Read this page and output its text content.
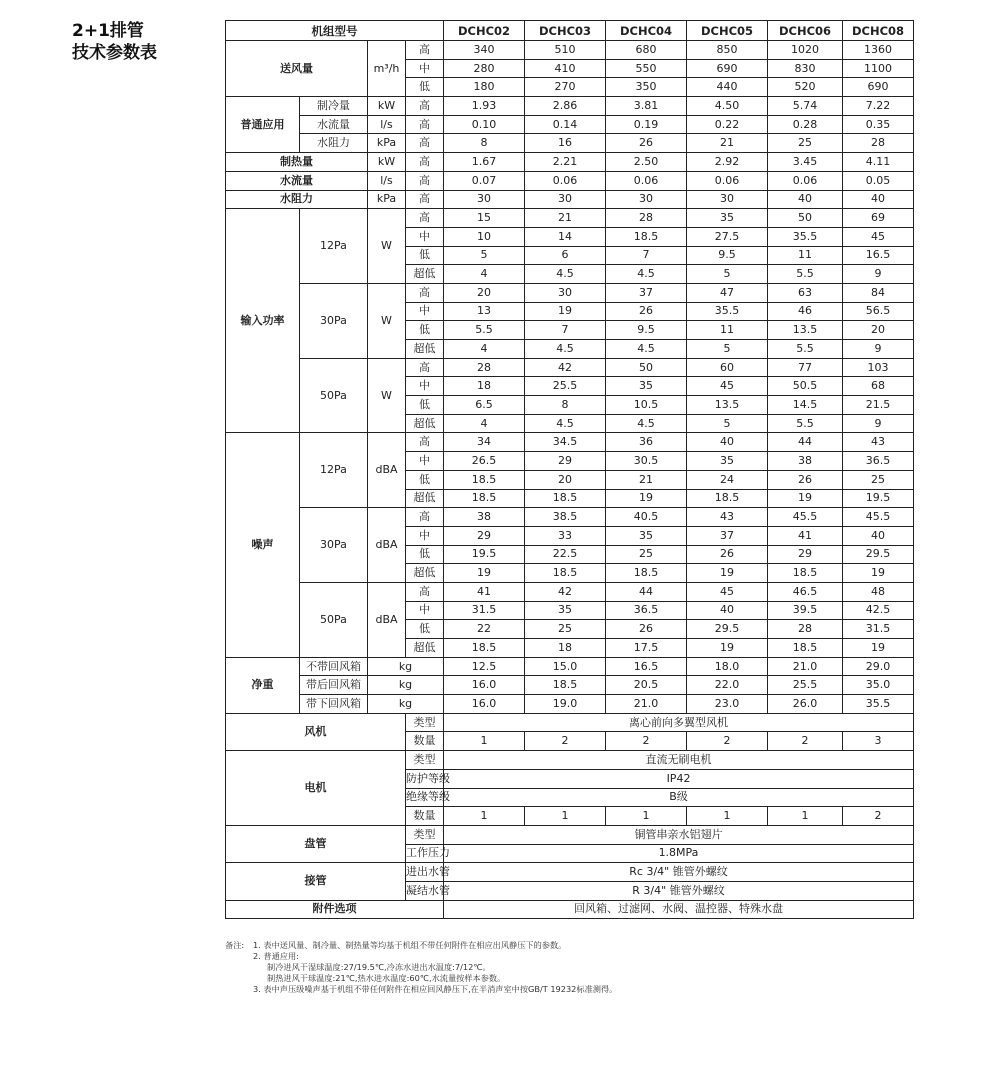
2+1排管
技术参数表
机组型号				DCHC02	DCHC03	DCHC04	DCHC05	DCHC06	DCHC08
送风量		m³/h	高	340	510	680	850	1020	1360
			中	280	410	550	690	830	1100
			低	180	270	350	440	520	690
普通应用	制冷量	kW	高	1.93	2.86	3.81	4.50	5.74	7.22
	水流量	l/s	高	0.10	0.14	0.19	0.22	0.28	0.35
	水阻力	kPa	高	8	16	26	21	25	28
制热量		kW	高	1.67	2.21	2.50	2.92	3.45	4.11
水流量		l/s	高	0.07	0.06	0.06	0.06	0.06	0.05
水阻力		kPa	高	30	30	30	30	40	40
输入功率	12Pa	W	高	15	21	28	35	50	69
			中	10	14	18.5	27.5	35.5	45
			低	5	6	7	9.5	11	16.5
			超低	4	4.5	4.5	5	5.5	9
	30Pa	W	高	20	30	37	47	63	84
			中	13	19	26	35.5	46	56.5
			低	5.5	7	9.5	11	13.5	20
			超低	4	4.5	4.5	5	5.5	9
	50Pa	W	高	28	42	50	60	77	103
			中	18	25.5	35	45	50.5	68
			低	6.5	8	10.5	13.5	14.5	21.5
			超低	4	4.5	4.5	5	5.5	9
噪声	12Pa	dBA	高	34	34.5	36	40	44	43
			中	26.5	29	30.5	35	38	36.5
			低	18.5	20	21	24	26	25
			超低	18.5	18.5	19	18.5	19	19.5
	30Pa	dBA	高	38	38.5	40.5	43	45.5	45.5
			中	29	33	35	37	41	40
			低	19.5	22.5	25	26	29	29.5
			超低	19	18.5	18.5	19	18.5	19
	50Pa	dBA	高	41	42	44	45	46.5	48
			中	31.5	35	36.5	40	39.5	42.5
			低	22	25	26	29.5	28	31.5
			超低	18.5	18	17.5	19	18.5	19
净重	不带回风箱	kg		12.5	15.0	16.5	18.0	21.0	29.0
	带后回风箱	kg		16.0	18.5	20.5	22.0	25.5	35.0
	带下回风箱	kg		16.0	19.0	21.0	23.0	26.0	35.5
风机			类型	离心前向多翼型风机					
			数量	1	2	2	2	2	3
电机			类型	直流无刷电机					
			防护等级	IP42					
			绝缘等级	B级					
			数量	1	1	1	1	1	2
盘管			类型	铜管串亲水铝翅片					
			工作压力	1.8MPa					
接管			进出水管	Rc 3/4" 锥管外螺纹					
			凝结水管	R 3/4" 锥管外螺纹					
附件选项				回风箱、过滤网、水阀、温控器、特殊水盘					
备注:	1. 表中送风量、制冷量、制热量等均基于机组不带任何附件在相应出风静压下的参数。
2. 普通应用:
制冷进风干湿球温度:27/19.5℃,冷冻水进出水温度:7/12℃。
制热进风干球温度:21℃,热水进水温度:60℃,水流量按样本参数。
3. 表中声压级噪声基于机组不带任何附件在相应回风静压下,在半消声室中按GB/T 19232标准测得。
